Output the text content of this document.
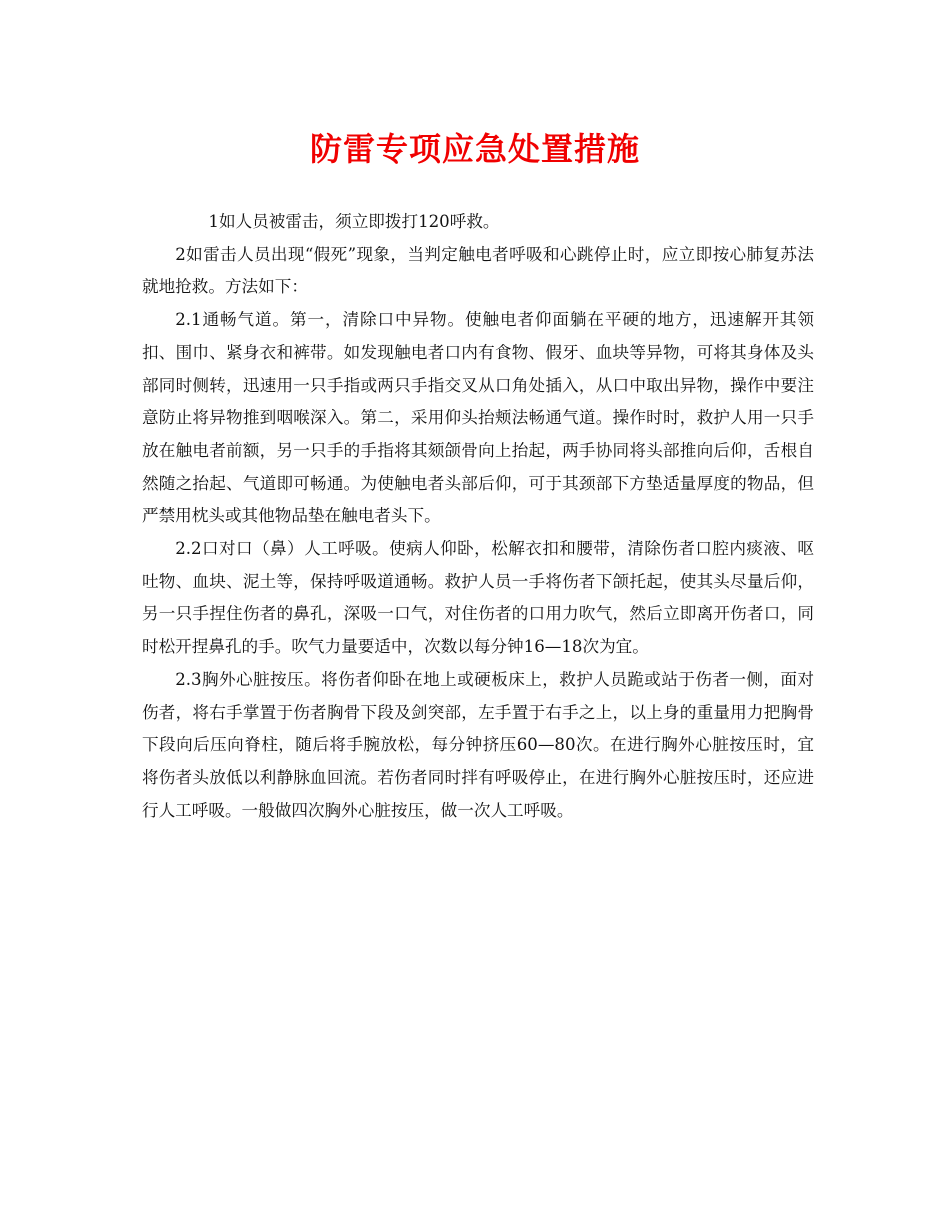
防雷专项应急处置措施

1如人员被雷击，须立即拨打120呼救。

2如雷击人员出现“假死”现象，当判定触电者呼吸和心跳停止时，应立即按心肺复苏法就地抢救。方法如下：

2.1通畅气道。第一，清除口中异物。使触电者仰面躺在平硬的地方，迅速解开其领扣、围巾、紧身衣和裤带。如发现触电者口内有食物、假牙、血块等异物，可将其身体及头部同时侧转，迅速用一只手指或两只手指交叉从口角处插入，从口中取出异物，操作中要注意防止将异物推到咽喉深入。第二，采用仰头抬颊法畅通气道。操作时时，救护人用一只手放在触电者前额，另一只手的手指将其颏颌骨向上抬起，两手协同将头部推向后仰，舌根自然随之抬起、气道即可畅通。为使触电者头部后仰，可于其颈部下方垫适量厚度的物品，但严禁用枕头或其他物品垫在触电者头下。

2.2口对口（鼻）人工呼吸。使病人仰卧，松解衣扣和腰带，清除伤者口腔内痰液、呕吐物、血块、泥土等，保持呼吸道通畅。救护人员一手将伤者下颌托起，使其头尽量后仰，另一只手捏住伤者的鼻孔，深吸一口气，对住伤者的口用力吹气，然后立即离开伤者口，同时松开捏鼻孔的手。吹气力量要适中，次数以每分钟16—18次为宜。

2.3胸外心脏按压。将伤者仰卧在地上或硬板床上，救护人员跪或站于伤者一侧，面对伤者，将右手掌置于伤者胸骨下段及剑突部，左手置于右手之上，以上身的重量用力把胸骨下段向后压向脊柱，随后将手腕放松，每分钟挤压60—80次。在进行胸外心脏按压时，宜将伤者头放低以利静脉血回流。若伤者同时拌有呼吸停止，在进行胸外心脏按压时，还应进行人工呼吸。一般做四次胸外心脏按压，做一次人工呼吸。
